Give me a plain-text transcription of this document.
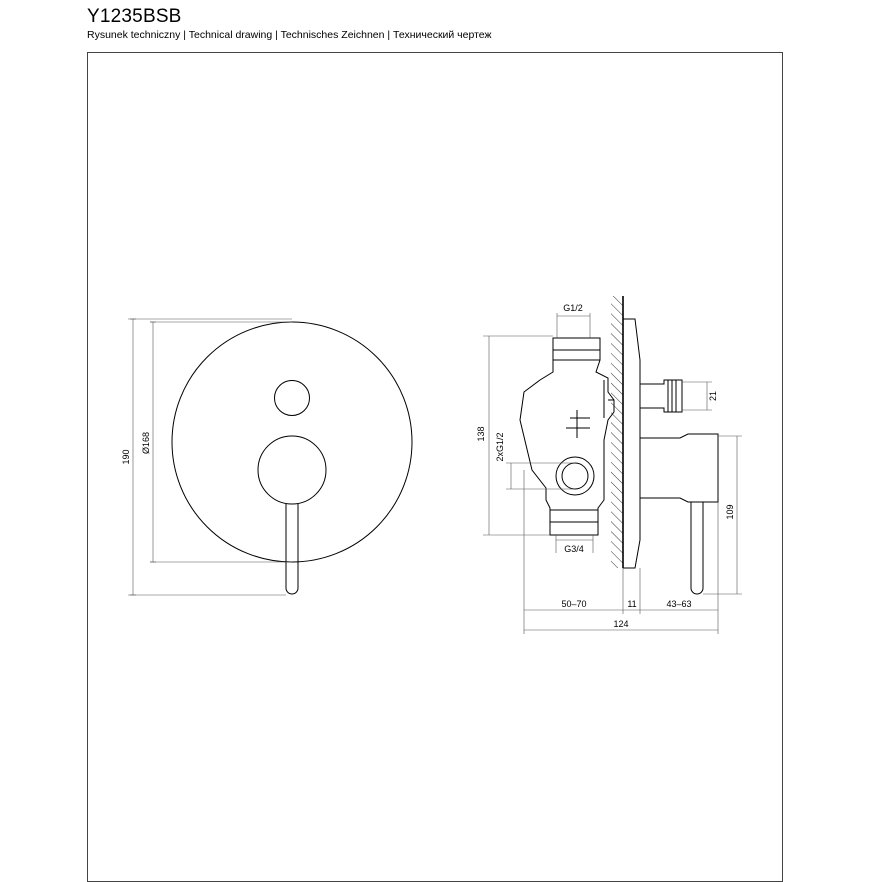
Y1235BSB

Rysunek techniczny | Technical drawing | Technisches Zeichnen | Технический чертеж

190
Ø168
G1/2
138 2xG1/2
G3/4
21
109
50–70	11	43–63
124
